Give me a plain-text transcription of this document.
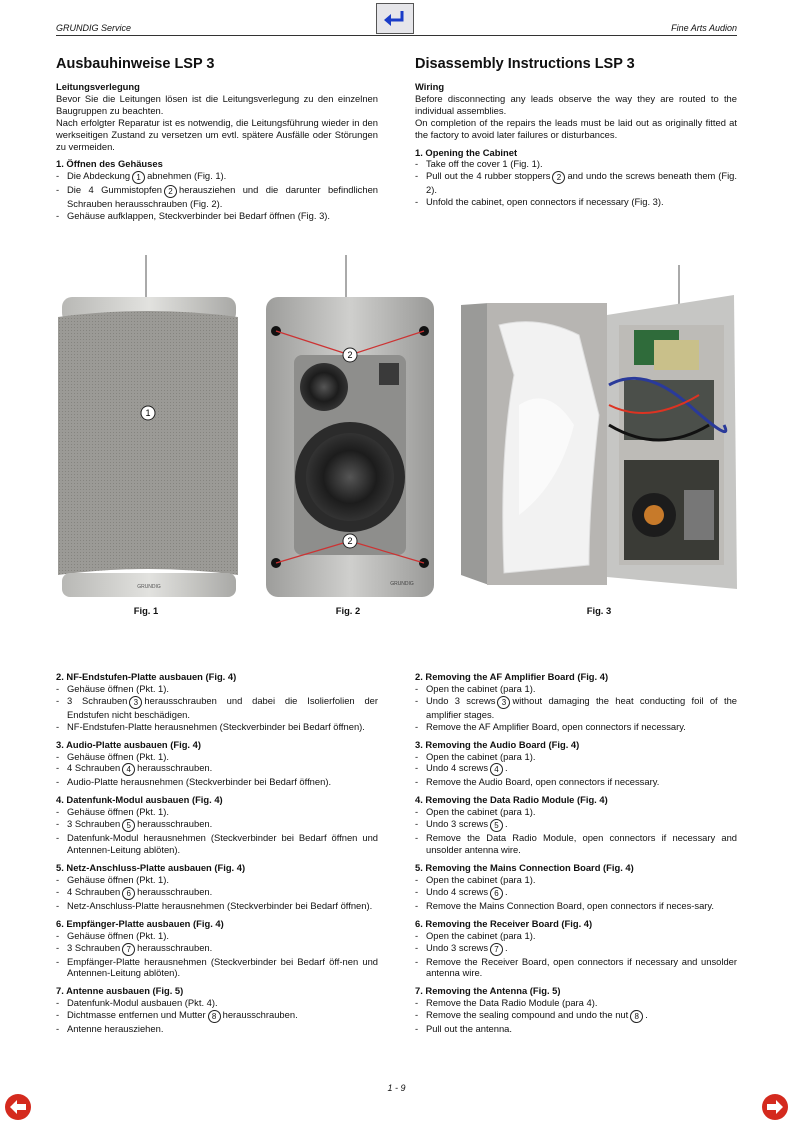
GRUNDIG Service	Fine Arts Audion
Ausbauhinweise LSP 3
Leitungsverlegung

Bevor Sie die Leitungen lösen ist die Leitungsverlegung zu den einzelnen Baugruppen zu beachten.

Nach erfolgter Reparatur ist es notwendig, die Leitungsführung wieder in den werkseitigen Zustand zu versetzen um evtl. spätere Ausfälle oder Störungen zu vermeiden.

1. Öffnen des Gehäuses
- Die Abdeckung 1 abnehmen (Fig. 1).
- Die 4 Gummistopfen 2 herausziehen und die darunter befindlichen Schrauben herausschrauben (Fig. 2).
- Gehäuse aufklappen, Steckverbinder bei Bedarf öffnen (Fig. 3).
Disassembly Instructions LSP 3
Wiring

Before disconnecting any leads observe the way they are routed to the individual assemblies.

On completion of the repairs the leads must be laid out as originally fitted at the factory to avoid later failures or disturbances.

1. Opening the Cabinet
- Take off the cover 1 (Fig. 1).
- Pull out the 4 rubber stoppers 2 and undo the screws beneath them (Fig. 2).
- Unfold the cabinet, open connectors if necessary (Fig. 3).
GRUNDIG
1
2
2
GRUNDIG
Fig. 1	Fig. 2	Fig. 3
2. NF-Endstufen-Platte ausbauen (Fig. 4)
- Gehäuse öffnen (Pkt. 1).
- 3 Schrauben 3 herausschrauben und dabei die Isolierfolien der Endstufen nicht beschädigen.
- NF-Endstufen-Platte herausnehmen (Steckverbinder bei Bedarf öffnen).
3. Audio-Platte ausbauen (Fig. 4)
- Gehäuse öffnen (Pkt. 1).
- 4 Schrauben 4 herausschrauben.
- Audio-Platte herausnehmen (Steckverbinder bei Bedarf öffnen).
4. Datenfunk-Modul ausbauen (Fig. 4)
- Gehäuse öffnen (Pkt. 1).
- 3 Schrauben 5 herausschrauben.
- Datenfunk-Modul herausnehmen (Steckverbinder bei Bedarf öffnen und Antennen-Leitung ablöten).
5. Netz-Anschluss-Platte ausbauen (Fig. 4)
- Gehäuse öffnen (Pkt. 1).
- 4 Schrauben 6 herausschrauben.
- Netz-Anschluss-Platte herausnehmen (Steckverbinder bei Bedarf öffnen).
6. Empfänger-Platte ausbauen (Fig. 4)
- Gehäuse öffnen (Pkt. 1).
- 3 Schrauben 7 herausschrauben.
- Empfänger-Platte herausnehmen (Steckverbinder bei Bedarf öff-nen und Antennen-Leitung ablöten).
7. Antenne ausbauen (Fig. 5)
- Datenfunk-Modul ausbauen (Pkt. 4).
- Dichtmasse entfernen und Mutter 8 herausschrauben.
- Antenne herausziehen.
2. Removing the AF Amplifier Board (Fig. 4)
- Open the cabinet (para 1).
- Undo 3 screws 3 without damaging the heat conducting foil of the amplifier stages.
- Remove the AF Amplifier Board, open connectors if necessary.
3. Removing the Audio Board (Fig. 4)
- Open the cabinet (para 1).
- Undo 4 screws 4 .
- Remove the Audio Board, open connectors if necessary.
4. Removing the Data Radio Module (Fig. 4)
- Open the cabinet (para 1).
- Undo 3 screws 5 .
- Remove the Data Radio Module, open connectors if necessary and unsolder antenna wire.
5. Removing the Mains Connection Board (Fig. 4)
- Open the cabinet (para 1).
- Undo 4 screws 6 .
- Remove the Mains Connection Board, open connectors if neces-sary.
6. Removing the Receiver Board (Fig. 4)
- Open the cabinet (para 1).
- Undo 3 screws 7 .
- Remove the Receiver Board, open connectors if necessary and unsolder antenna wire.
7. Removing the Antenna (Fig. 5)
- Remove the Data Radio Module (para 4).
- Remove the sealing compound and undo the nut 8 .
- Pull out the antenna.
1 - 9
